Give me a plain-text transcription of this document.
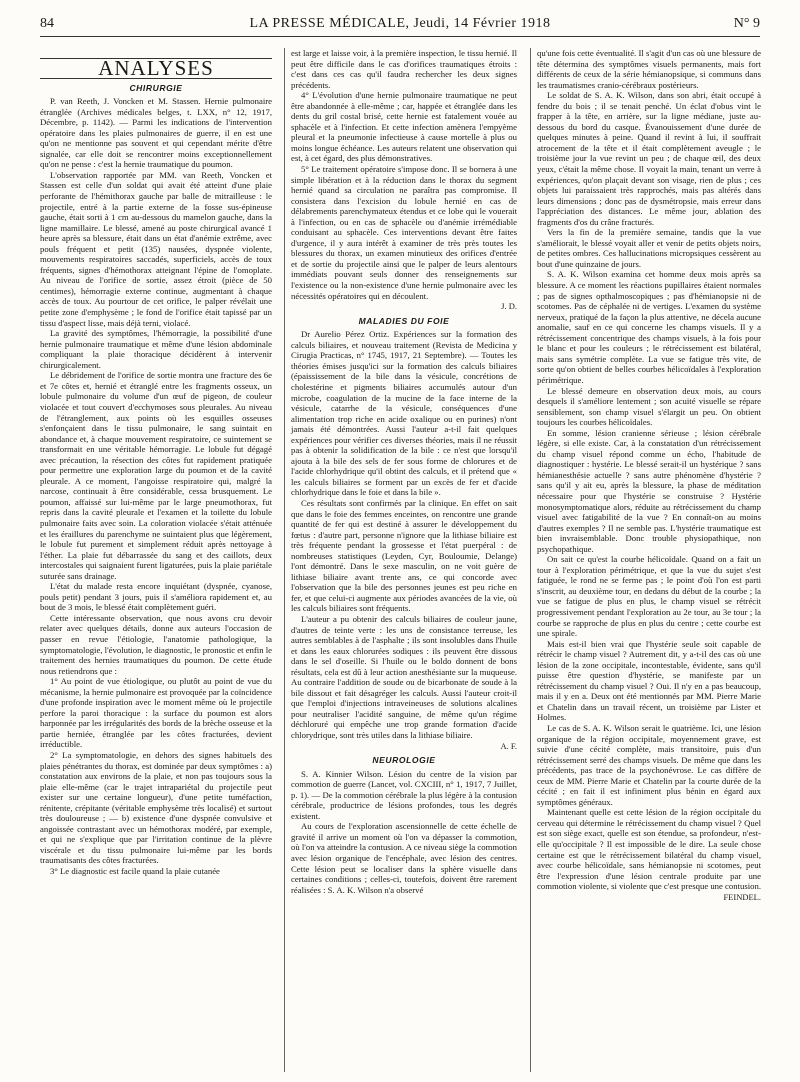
84	LA PRESSE MÉDICALE, Jeudi, 14 Février 1918	N° 9
ANALYSES
CHIRURGIE

P. van Reeth, J. Voncken et M. Stassen. Hernie pulmonaire étranglée (Archives médicales belges, t. LXX, n° 12, 1917, Décembre, p. 1142). — Parmi les indications de l'intervention opératoire dans les plaies pulmonaires de guerre, il en est une qu'on ne mentionne pas souvent et qui cependant mérite d'être signalée, car elle doit se rencontrer moins exceptionnellement qu'on ne pense : c'est la hernie traumatique du poumon.

L'observation rapportée par MM. van Reeth, Voncken et Stassen est celle d'un soldat qui avait été atteint d'une plaie perforante de l'hémithorax gauche par balle de mitrailleuse : le projectile, entré à la partie externe de la fosse sus-épineuse gauche, était sorti à 1 cm au-dessous du mamelon gauche, dans la ligne mamillaire. Le blessé, amené au poste chirurgical avancé 1 heure après sa blessure, était dans un état d'anémie extrême, avec pouls fréquent et petit (135) nausées, dyspnée violente, mouvements respiratoires saccadés, superficiels, accès de toux fréquents, signes d'hémothorax atteignant l'épine de l'omoplate. Au niveau de l'orifice de sortie, assez étroit (pièce de 50 centimes), hémorragie externe continue, augmentant à chaque accès de toux. Au pourtour de cet orifice, le palper révélait une petite zone d'emphysème ; le fond de l'orifice était tapissé par un tissu d'aspect lisse, mais déjà terni, violacé.

La gravité des symptômes, l'hémorragie, la possibilité d'une hernie pulmonaire traumatique et même d'une lésion abdominale compliquant la plaie thoracique décidèrent à intervenir chirurgicalement.

Le débridement de l'orifice de sortie montra une fracture des 6e et 7e côtes et, hernié et étranglé entre les fragments osseux, un lobule pulmonaire du volume d'un œuf de pigeon, de couleur violacée et tout couvert d'ecchymoses sous pleurales. Au niveau de l'étranglement, aux points où les esquilles osseuses s'enfonçaient dans le tissu pulmonaire, le sang suintait en abondance et, à chaque mouvement respiratoire, ce suintement se transformait en une véritable hémorragie. Le lobule fut dégagé avec précaution, la résection des côtes fut rapidement pratiquée pour permettre une exploration large du poumon et de la cavité pleurale. A ce moment, l'angoisse respiratoire qui, malgré la narcose, continuait à être considérable, cessa brusquement. Le poumon, affaissé sur lui-même par le large pneumothorax, fut repris dans la cavité pleurale et l'examen et la toilette du lobule pulmonaire faits avec soin. La coloration violacée s'était atténuée et les éraillures du parenchyme ne suintaient plus que légèrement, le lobule fut purement et simplement réduit après nettoyage à l'éther. La plaie fut débarrassée du sang et des caillots, deux intercostales qui saignaient furent ligaturées, puis la plaie pariétale suturée sans drainage.

L'état du malade resta encore inquiétant (dyspnée, cyanose, pouls petit) pendant 3 jours, puis il s'améliora rapidement et, au bout de 3 mois, le blessé était complètement guéri.

Cette intéressante observation, que nous avons cru devoir relater avec quelques détails, donne aux auteurs l'occasion de passer en revue l'étiologie, l'anatomie pathologique, la symptomatologie, l'évolution, le diagnostic, le pronostic et enfin le traitement des hernies traumatiques du poumon. De cette étude nous retiendrons que :

1° Au point de vue étiologique, ou plutôt au point de vue du mécanisme, la hernie pulmonaire est provoquée par la coïncidence d'une profonde inspiration avec le moment même où le projectile perfore la paroi thoracique : la surface du poumon est alors harponnée par les irrégularités des bords de la brèche osseuse et la partie herniée, étranglée par les côtes fracturées, devient irréductible.

2° La symptomatologie, en dehors des signes habituels des plaies pénétrantes du thorax, est dominée par deux symptômes : a) constatation aux environs de la plaie, et non pas toujours sous la plaie elle-même (car le trajet intrapariétal du projectile peut exister sur une certaine longueur), d'une petite tuméfaction, rénitente, crépitante (véritable emphysème très localisé) et surtout très douloureuse ; — b) existence d'une dyspnée convulsive et angoissée contrastant avec un hémothorax modéré, par exemple, et qui ne s'explique que par l'irritation continue de la plèvre viscérale et du tissu pulmonaire lui-même par les bords traumatisants des côtes fracturées.

3° Le diagnostic est facile quand la plaie cutanée

est large et laisse voir, à la première inspection, le tissu hernié. Il peut être difficile dans le cas d'orifices traumatiques étroits : c'est dans ces cas qu'il faudra rechercher les deux signes précédents.

4° L'évolution d'une hernie pulmonaire traumatique ne peut être abandonnée à elle-même ; car, happée et étranglée dans les dents du gril costal brisé, cette hernie est fatalement vouée au sphacèle et à l'infection. Et cette infection amènera l'empyème pleural et la pneumonie infectieuse à cause mortelle à plus ou moins longue échéance. Les auteurs relatent une observation qui est, à cet égard, des plus démonstratives.

5° Le traitement opératoire s'impose donc. Il se bornera à une simple libération et à la réduction dans le thorax du segment hernié quand sa circulation ne paraîtra pas compromise. Il consistera dans l'excision du lobule hernié en cas de délabrements parenchymateux étendus et ce lobe qui le vouerait à l'infection, ou en cas de sphacèle ou d'anémie irrémédiable conduisant au sphacèle. Ces interventions devant être faites d'urgence, il y aura intérêt à examiner de très près toutes les blessures du thorax, un examen minutieux des orifices d'entrée et de sortie du projectile ainsi que le palper de leurs alentours immédiats pouvant seuls donner des renseignements sur l'existence ou la non-existence d'une hernie pulmonaire avec les nécessités opératoires qui en découlent.

J. D.
MALADIES DU FOIE

Dr Aurelio Pérez Ortiz. Expériences sur la formation des calculs biliaires, et nouveau traitement (Revista de Medicina y Cirugia Practicas, n° 1745, 1917, 21 Septembre). — Toutes les théories émises jusqu'ici sur la formation des calculs biliaires (épaississement de la bile dans la vésicule, concrétions de cholestérine et pigments biliaires accumulés autour d'un microbe, coagulation de la mucine de la face interne de la vésicule, catarrhe de la vésicule, conséquences d'une alimentation trop riche en acide oxalique ou en purines) n'ont jamais été démontrées. Aussi l'auteur a-t-il fait quelques expériences pour vérifier ces diverses théories, mais il ne réussit pas à obtenir la solidification de la bile : ce n'est que lorsqu'il ajouta à la bile des sels de fer sous forme de chlorures et de l'acide chlorhydrique qu'il obtint des calculs, et il prétend que « les calculs biliaires se forment par un excès de fer et d'acide chlorhydrique dans le foie et dans la bile ».

Ces résultats sont confirmés par la clinique. En effet on sait que dans le foie des femmes enceintes, on rencontre une grande quantité de fer qui est destiné à assurer le développement du fœtus : d'autre part, personne n'ignore que la lithiase biliaire est très fréquente pendant la grossesse et l'état puerpéral : de nombreuses statistiques (Leyden, Cyr, Bouloumie, Delange) l'ont démontré. Dans le sexe masculin, on ne voit guère de lithiase biliaire avant trente ans, ce qui concorde avec l'observation que la bile des personnes jeunes est peu riche en fer, et que celui-ci augmente aux périodes avancées de la vie, où les calculs biliaires sont fréquents.

L'auteur a pu obtenir des calculs biliaires de couleur jaune, d'autres de teinte verte : les uns de consistance terreuse, les autres semblables à de l'asphalte ; ils sont insolubles dans l'huile et dans les eaux chlorurées sodiques : ils peuvent être dissous dans le sel d'oseille. Si l'huile ou le boldo donnent de bons résultats, cela est dû à leur action anesthésiante sur la muqueuse. Au contraire l'addition de soude ou de bicarbonate de soude à la bile dissout et fait désagréger les calculs. Aussi l'auteur croit-il que l'emploi d'injections intraveineuses de solutions alcalines pour neutraliser l'acidité sanguine, de même qu'un régime déchloruré qui empêche une trop grande formation d'acide chlorydrique, sont très utiles dans la lithiase biliaire.

A. F.
NEUROLOGIE

S. A. Kinnier Wilson. Lésion du centre de la vision par commotion de guerre (Lancet, vol. CXCIII, n° 1, 1917, 7 Juillet, p. 1). — De la commotion cérébrale la plus légère à la contusion cérébrale, productrice de lésions profondes, tous les degrés existent.

Au cours de l'exploration ascensionnelle de cette échelle de gravité il arrive un moment où l'on va dépasser la commotion, où l'on va atteindre la contusion. A ce niveau siège la commotion avec lésion organique de l'encéphale, avec lésion des centres. Cette lésion peut se localiser dans la sphère visuelle dans certaines conditions ; celles-ci, toutefois, doivent être rarement réalisées : S. A. K. Wilson n'a observé

qu'une fois cette éventualité. Il s'agit d'un cas où une blessure de tête détermina des symptômes visuels permanents, mais fort différents de ceux de la série hémianopsique, si communs dans les traumatismes cranio-cérébraux postérieurs.

Le soldat de S. A. K. Wilson, dans son abri, était occupé à fendre du bois ; il se tenait penché. Un éclat d'obus vint le frapper à la tête, en arrière, sur la ligne médiane, juste au-dessous du bord du casque. Évanouissement d'une durée de quelques minutes à peine. Quand il revint à lui, il souffrait atrocement de la tête et il était complètement aveugle ; le troisième jour la vue revint un peu ; de chaque œil, des deux yeux, c'était la même chose. Il voyait la main, tenant un verre à expériences, qu'on plaçait devant son visage, rien de plus ; ces objets lui paraissaient très rapprochés, mais pas altérés dans leurs dimensions ; donc pas de dysmétropsie, mais erreur dans l'appréciation des distances. Le même jour, ablation des fragments d'os du crâne fracturés.

Vers la fin de la première semaine, tandis que la vue s'améliorait, le blessé voyait aller et venir de petits objets noirs, de petites ombres. Ces hallucinations micropsiques cessèrent au bout d'une quinzaine de jours.

S. A. K. Wilson examina cet homme deux mois après sa blessure. A ce moment les réactions pupillaires étaient normales ; pas de signes opthalmoscopiques ; pas d'hémianopsie ni de scotomes. Pas de céphalée ni de vertiges. L'examen du système nerveux, pratiqué de la façon la plus attentive, ne décela aucune anomalie, sauf en ce qui concerne les champs visuels. Il y a rétrécissement concentrique des champs visuels, à la fois pour le blanc et pour les couleurs ; le rétrécissement est bilatéral, mais sans symétrie complète. La vue se fatigue très vite, de sorte qu'on obtient de belles courbes hélicoïdales à l'exploration périmétrique.

Le blessé demeure en observation deux mois, au cours desquels il s'améliore lentement ; son acuité visuelle se répare sensiblement, son champ visuel s'élargit un peu. On obtient toujours les courbes hélicoïdales.

En somme, lésion cranienne sérieuse ; lésion cérébrale légère, si elle existe. Car, à la constatation d'un rétrécissement du champ visuel répond comme un écho, l'habitude de diagnostiquer : hystérie. Le blessé serait-il un hystérique ? sans hémianesthésie actuelle ? sans autre phénomène d'hystérie ? sans qu'il y ait eu, après la blessure, la phase de méditation nécessaire pour que l'hystérie se construise ? Hystérie monosymptomatique alors, réduite au rétrécissement du champ visuel avec fatigabilité de la vue ? En connaît-on au moins d'autres exemples ? Il ne semble pas. L'hystérie traumatique est bien invraisemblable. Donc trouble physiopathique, non psychopathique.

On sait ce qu'est la courbe hélicoïdale. Quand on a fait un tour à l'exploration périmétrique, et que la vue du sujet s'est fatiguée, le rond ne se ferme pas ; le point d'où l'on est parti s'inscrit, au deuxième tour, en dedans du début de la courbe ; la vue se fatigue de plus en plus, le champ visuel se rétrécit progressivement pendant l'exploration au 2e tour, au 3e tour ; la courbe se rapproche de plus en plus du centre ; cette courbe est une spirale.

Mais est-il bien vrai que l'hystérie seule soit capable de rétrécir le champ visuel ? Autrement dit, y a-t-il des cas où une lésion de la zone occipitale, incontestable, évidente, sans qu'il puisse être question d'hystérie, se manifeste par un rétrécissement du champ visuel ? Oui. Il n'y en a pas beaucoup, mais il y en a. Deux ont été mentionnés par MM. Pierre Marie et Chatelin dans un travail récent, un troisième par Lister et Holmes.

Le cas de S. A. K. Wilson serait le quatrième. Ici, une lésion organique de la région occipitale, moyennement grave, est suivie d'une cécité complète, mais transitoire, puis d'un rétrécissement serré des champs visuels. De même que dans les précédents, pas trace de la psychonévrose. Le cas diffère de ceux de MM. Pierre Marie et Chatelin par la courte durée de la cécité ; en fait il est infiniment plus bénin en égard aux symptômes généraux.

Maintenant quelle est cette lésion de la région occipitale du cerveau qui détermine le rétrécissement du champ visuel ? Quel est son siège exact, quelle est son étendue, sa profondeur, n'est-elle qu'occipitale ? Il est impossible de le dire. La seule chose certaine est que le rétrécissement bilatéral du champ visuel, avec courbe hélicoïdale, sans hémianopsie ni scotomes, peut être l'expression d'une lésion centrale produite par une commotion violente, si violente que c'est presque une contusion.

FEINDEL.
